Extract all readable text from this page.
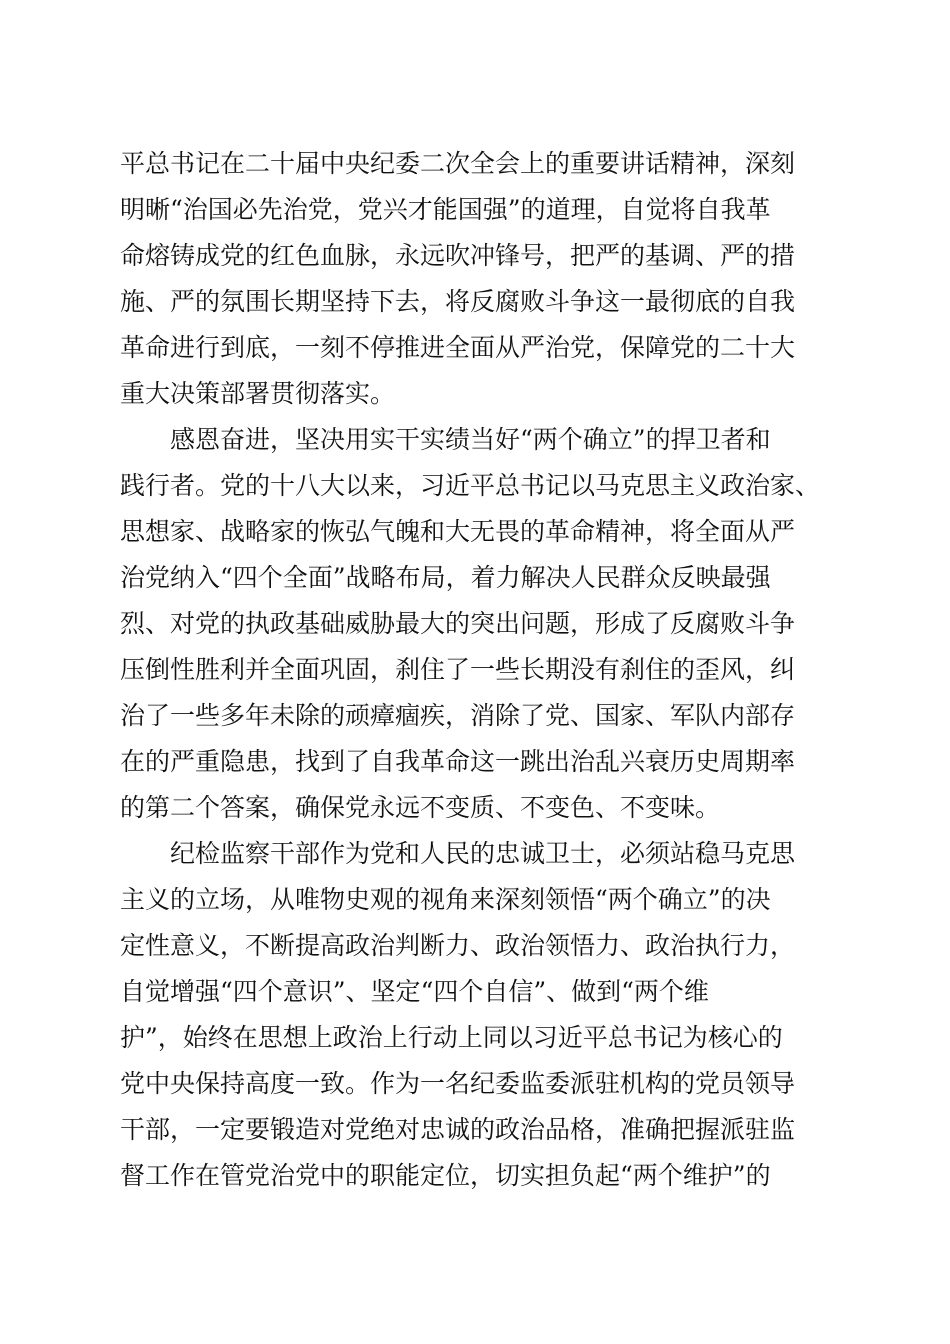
平总书记在二十届中央纪委二次全会上的重要讲话精神，深刻
明晰“治国必先治党，党兴才能国强”的道理，自觉将自我革
命熔铸成党的红色血脉，永远吹冲锋号，把严的基调、严的措
施、严的氛围长期坚持下去，将反腐败斗争这一最彻底的自我
革命进行到底，一刻不停推进全面从严治党，保障党的二十大
重大决策部署贯彻落实。
感恩奋进，坚决用实干实绩当好“两个确立”的捍卫者和
践行者。党的十八大以来，习近平总书记以马克思主义政治家、
思想家、战略家的恢弘气魄和大无畏的革命精神，将全面从严
治党纳入“四个全面”战略布局，着力解决人民群众反映最强
烈、对党的执政基础威胁最大的突出问题，形成了反腐败斗争
压倒性胜利并全面巩固，刹住了一些长期没有刹住的歪风，纠
治了一些多年未除的顽瘴痼疾，消除了党、国家、军队内部存
在的严重隐患，找到了自我革命这一跳出治乱兴衰历史周期率
的第二个答案，确保党永远不变质、不变色、不变味。
纪检监察干部作为党和人民的忠诚卫士，必须站稳马克思
主义的立场，从唯物史观的视角来深刻领悟“两个确立”的决
定性意义，不断提高政治判断力、政治领悟力、政治执行力，
自觉增强“四个意识”、坚定“四个自信”、做到“两个维
护”，始终在思想上政治上行动上同以习近平总书记为核心的
党中央保持高度一致。作为一名纪委监委派驻机构的党员领导
干部，一定要锻造对党绝对忠诚的政治品格，准确把握派驻监
督工作在管党治党中的职能定位，切实担负起“两个维护”的
